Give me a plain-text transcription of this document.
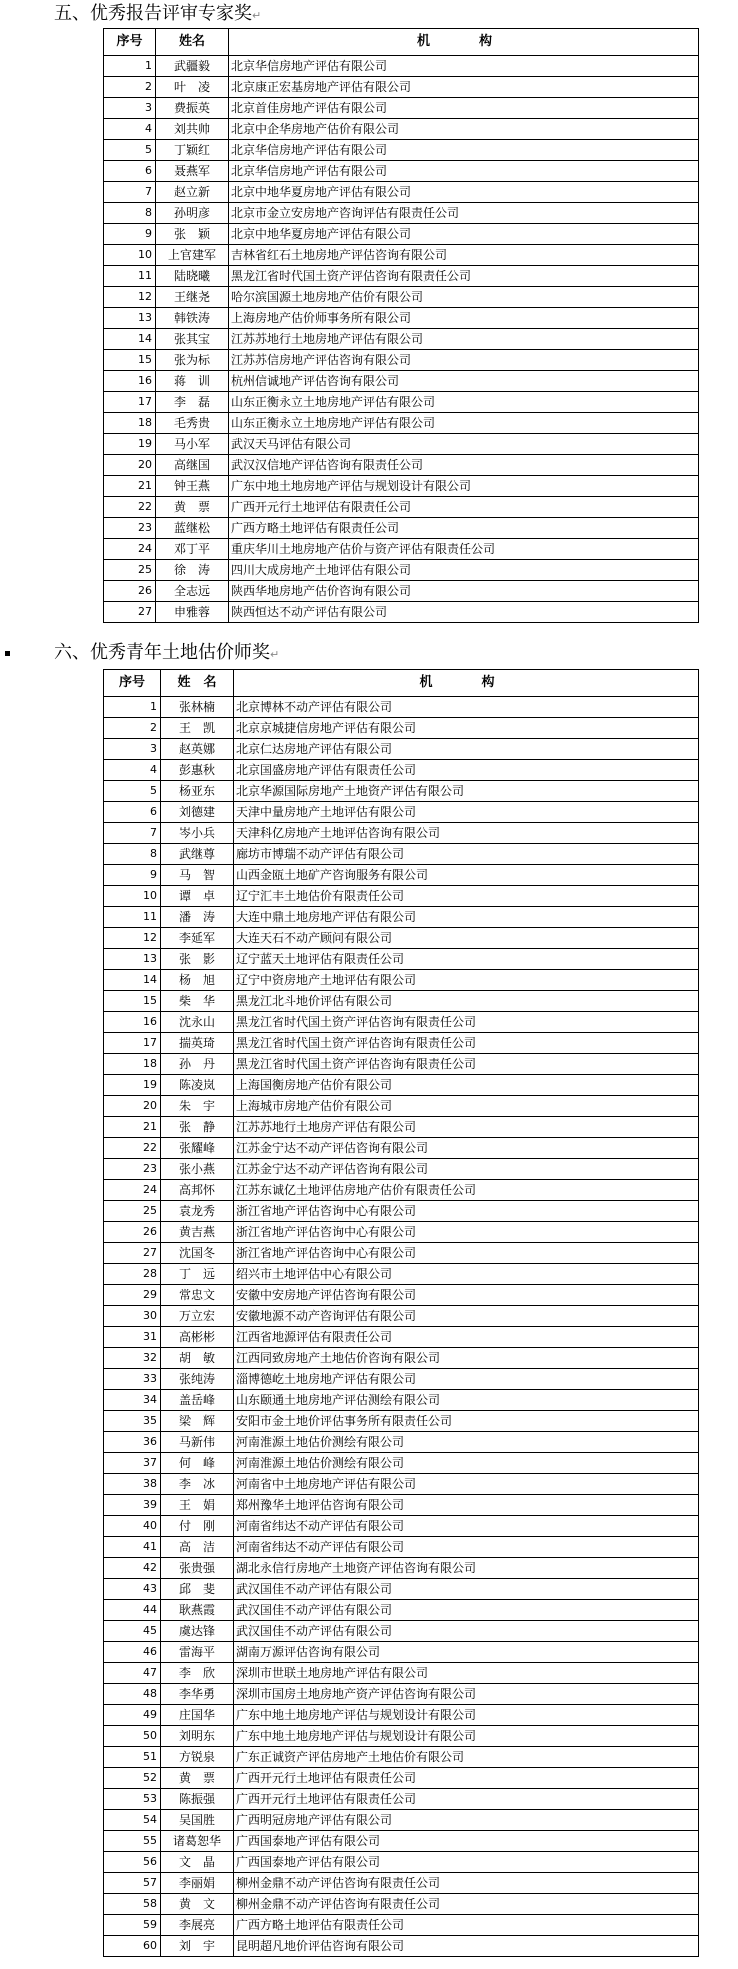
五、优秀报告评审专家奖↵
序号	姓名	机　构
1	武疆毅	北京华信房地产评估有限公司
2	叶　凌	北京康正宏基房地产评估有限公司
3	费振英	北京首佳房地产评估有限公司
4	刘共帅	北京中企华房地产估价有限公司
5	丁颖红	北京华信房地产评估有限公司
6	聂燕军	北京华信房地产评估有限公司
7	赵立新	北京中地华夏房地产评估有限公司
8	孙明彦	北京市金立安房地产咨询评估有限责任公司
9	张　颖	北京中地华夏房地产评估有限公司
10	上官建军	吉林省红石土地房地产评估咨询有限公司
11	陆晓曦	黑龙江省时代国土资产评估咨询有限责任公司
12	王继尧	哈尔滨国源土地房地产估价有限公司
13	韩铁涛	上海房地产估价师事务所有限公司
14	张其宝	江苏苏地行土地房地产评估有限公司
15	张为标	江苏苏信房地产评估咨询有限公司
16	蒋　训	杭州信诚地产评估咨询有限公司
17	李　磊	山东正衡永立土地房地产评估有限公司
18	毛秀贵	山东正衡永立土地房地产评估有限公司
19	马小军	武汉天马评估有限公司
20	高继国	武汉汉信地产评估咨询有限责任公司
21	钟王燕	广东中地土地房地产评估与规划设计有限公司
22	黄　票	广西开元行土地评估有限责任公司
23	蓝继松	广西方略土地评估有限责任公司
24	邓丁平	重庆华川土地房地产估价与资产评估有限责任公司
25	徐　涛	四川大成房地产土地评估有限公司
26	全志远	陕西华地房地产估价咨询有限公司
27	申雅蓉	陕西恒达不动产评估有限公司
六、优秀青年土地估价师奖↵
序号	姓　名	机　构
1	张林楠	北京博林不动产评估有限公司
2	王　凯	北京京城捷信房地产评估有限公司
3	赵英娜	北京仁达房地产评估有限公司
4	彭惠秋	北京国盛房地产评估有限责任公司
5	杨亚东	北京华源国际房地产土地资产评估有限公司
6	刘德建	天津中量房地产土地评估有限公司
7	岑小兵	天津科亿房地产土地评估咨询有限公司
8	武继尊	廊坊市博瑞不动产评估有限公司
9	马　智	山西金瓯土地矿产咨询服务有限公司
10	谭　卓	辽宁汇丰土地估价有限责任公司
11	潘　涛	大连中鼎土地房地产评估有限公司
12	李延军	大连天石不动产顾问有限公司
13	张　影	辽宁蓝天土地评估有限责任公司
14	杨　旭	辽宁中资房地产土地评估有限公司
15	柴　华	黑龙江北斗地价评估有限公司
16	沈永山	黑龙江省时代国土资产评估咨询有限责任公司
17	揣英琦	黑龙江省时代国土资产评估咨询有限责任公司
18	孙　丹	黑龙江省时代国土资产评估咨询有限责任公司
19	陈凌岚	上海国衡房地产估价有限公司
20	朱　宇	上海城市房地产估价有限公司
21	张　静	江苏苏地行土地房产评估有限公司
22	张耀峰	江苏金宁达不动产评估咨询有限公司
23	张小燕	江苏金宁达不动产评估咨询有限公司
24	高邦怀	江苏东诚亿土地评估房地产估价有限责任公司
25	袁龙秀	浙江省地产评估咨询中心有限公司
26	黄吉燕	浙江省地产评估咨询中心有限公司
27	沈国冬	浙江省地产评估咨询中心有限公司
28	丁　远	绍兴市土地评估中心有限公司
29	常忠文	安徽中安房地产评估咨询有限公司
30	万立宏	安徽地源不动产咨询评估有限公司
31	高彬彬	江西省地源评估有限责任公司
32	胡　敏	江西同致房地产土地估价咨询有限公司
33	张纯涛	淄博德屹土地房地产评估有限公司
34	盖岳峰	山东颐通土地房地产评估测绘有限公司
35	梁　辉	安阳市金土地价评估事务所有限责任公司
36	马新伟	河南淮源土地估价测绘有限公司
37	何　峰	河南淮源土地估价测绘有限公司
38	李　冰	河南省中土地房地产评估有限公司
39	王　娟	郑州豫华土地评估咨询有限公司
40	付　刚	河南省纬达不动产评估有限公司
41	高　洁	河南省纬达不动产评估有限公司
42	张贵强	湖北永信行房地产土地资产评估咨询有限公司
43	邱　斐	武汉国佳不动产评估有限公司
44	耿燕霞	武汉国佳不动产评估有限公司
45	虞达锋	武汉国佳不动产评估有限公司
46	雷海平	湖南万源评估咨询有限公司
47	李　欣	深圳市世联土地房地产评估有限公司
48	李华勇	深圳市国房土地房地产资产评估咨询有限公司
49	庄国华	广东中地土地房地产评估与规划设计有限公司
50	刘明东	广东中地土地房地产评估与规划设计有限公司
51	方锐泉	广东正诚资产评估房地产土地估价有限公司
52	黄　票	广西开元行土地评估有限责任公司
53	陈振强	广西开元行土地评估有限责任公司
54	吴国胜	广西明冠房地产评估有限公司
55	诸葛恕华	广西国泰地产评估有限公司
56	文　晶	广西国泰地产评估有限公司
57	李丽娟	柳州金鼎不动产评估咨询有限责任公司
58	黄　文	柳州金鼎不动产评估咨询有限责任公司
59	李展亮	广西方略土地评估有限责任公司
60	刘　宇	昆明超凡地价评估咨询有限公司
